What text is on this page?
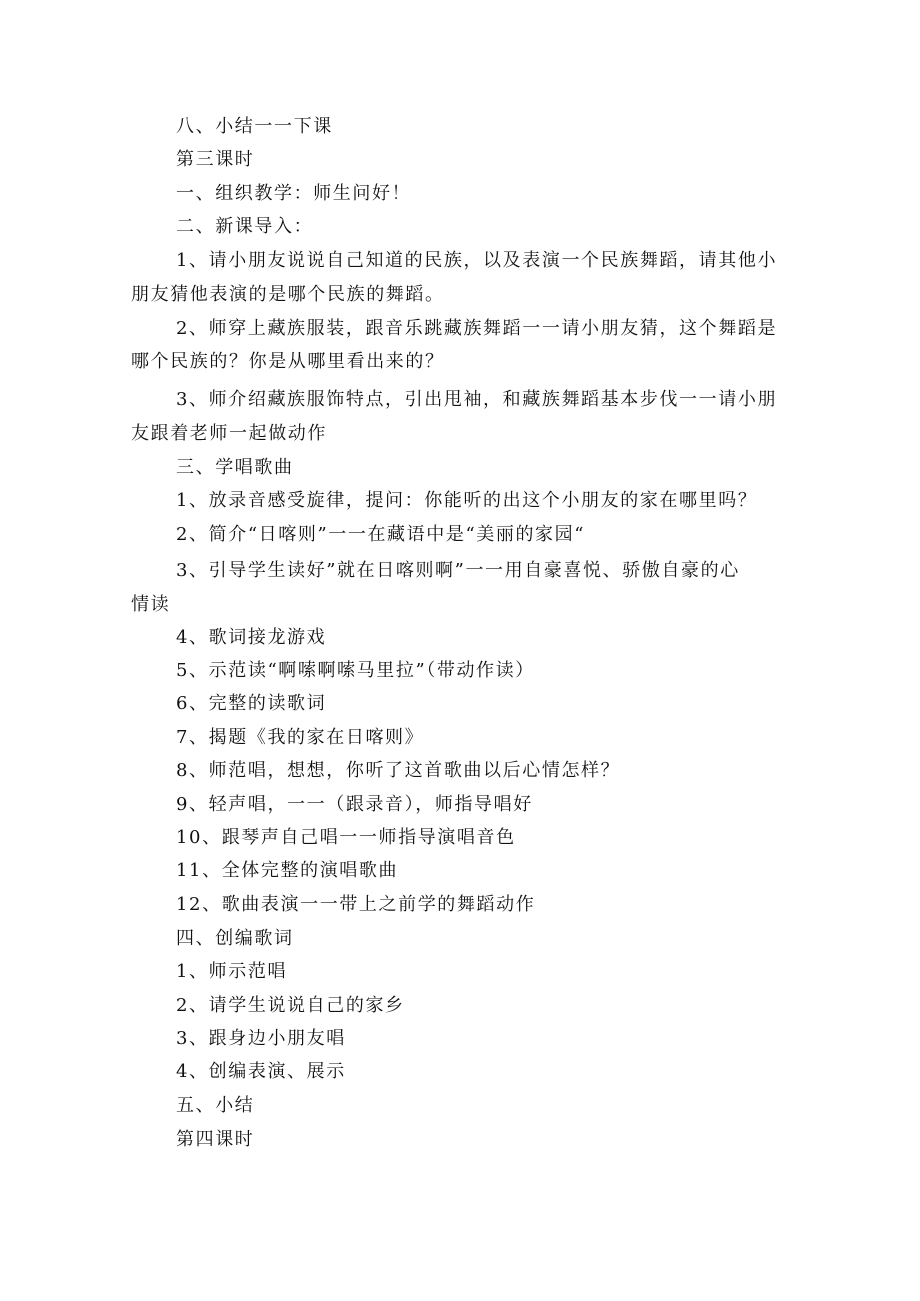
八、小结一一下课
第三课时
一、组织教学：师生问好！
二、新课导入：
1、请小朋友说说自己知道的民族，以及表演一个民族舞蹈，请其他小
朋友猜他表演的是哪个民族的舞蹈。
2、师穿上藏族服装，跟音乐跳藏族舞蹈一一请小朋友猜，这个舞蹈是
哪个民族的？你是从哪里看出来的？
3、师介绍藏族服饰特点，引出甩袖，和藏族舞蹈基本步伐一一请小朋
友跟着老师一起做动作
三、学唱歌曲
1、放录音感受旋律，提问：你能听的出这个小朋友的家在哪里吗？
2、简介“日喀则”一一在藏语中是“美丽的家园“
3、引导学生读好”就在日喀则啊”一一用自豪喜悦、骄傲自豪的心
情读
4、歌词接龙游戏
5、示范读“啊嗦啊嗦马里拉”（带动作读）
6、完整的读歌词
7、揭题《我的家在日喀则》
8、师范唱，想想，你听了这首歌曲以后心情怎样？
9、轻声唱，一一（跟录音），师指导唱好
10、跟琴声自己唱一一师指导演唱音色
11、全体完整的演唱歌曲
12、歌曲表演一一带上之前学的舞蹈动作
四、创编歌词
1、师示范唱
2、请学生说说自己的家乡
3、跟身边小朋友唱
4、创编表演、展示
五、小结
第四课时
